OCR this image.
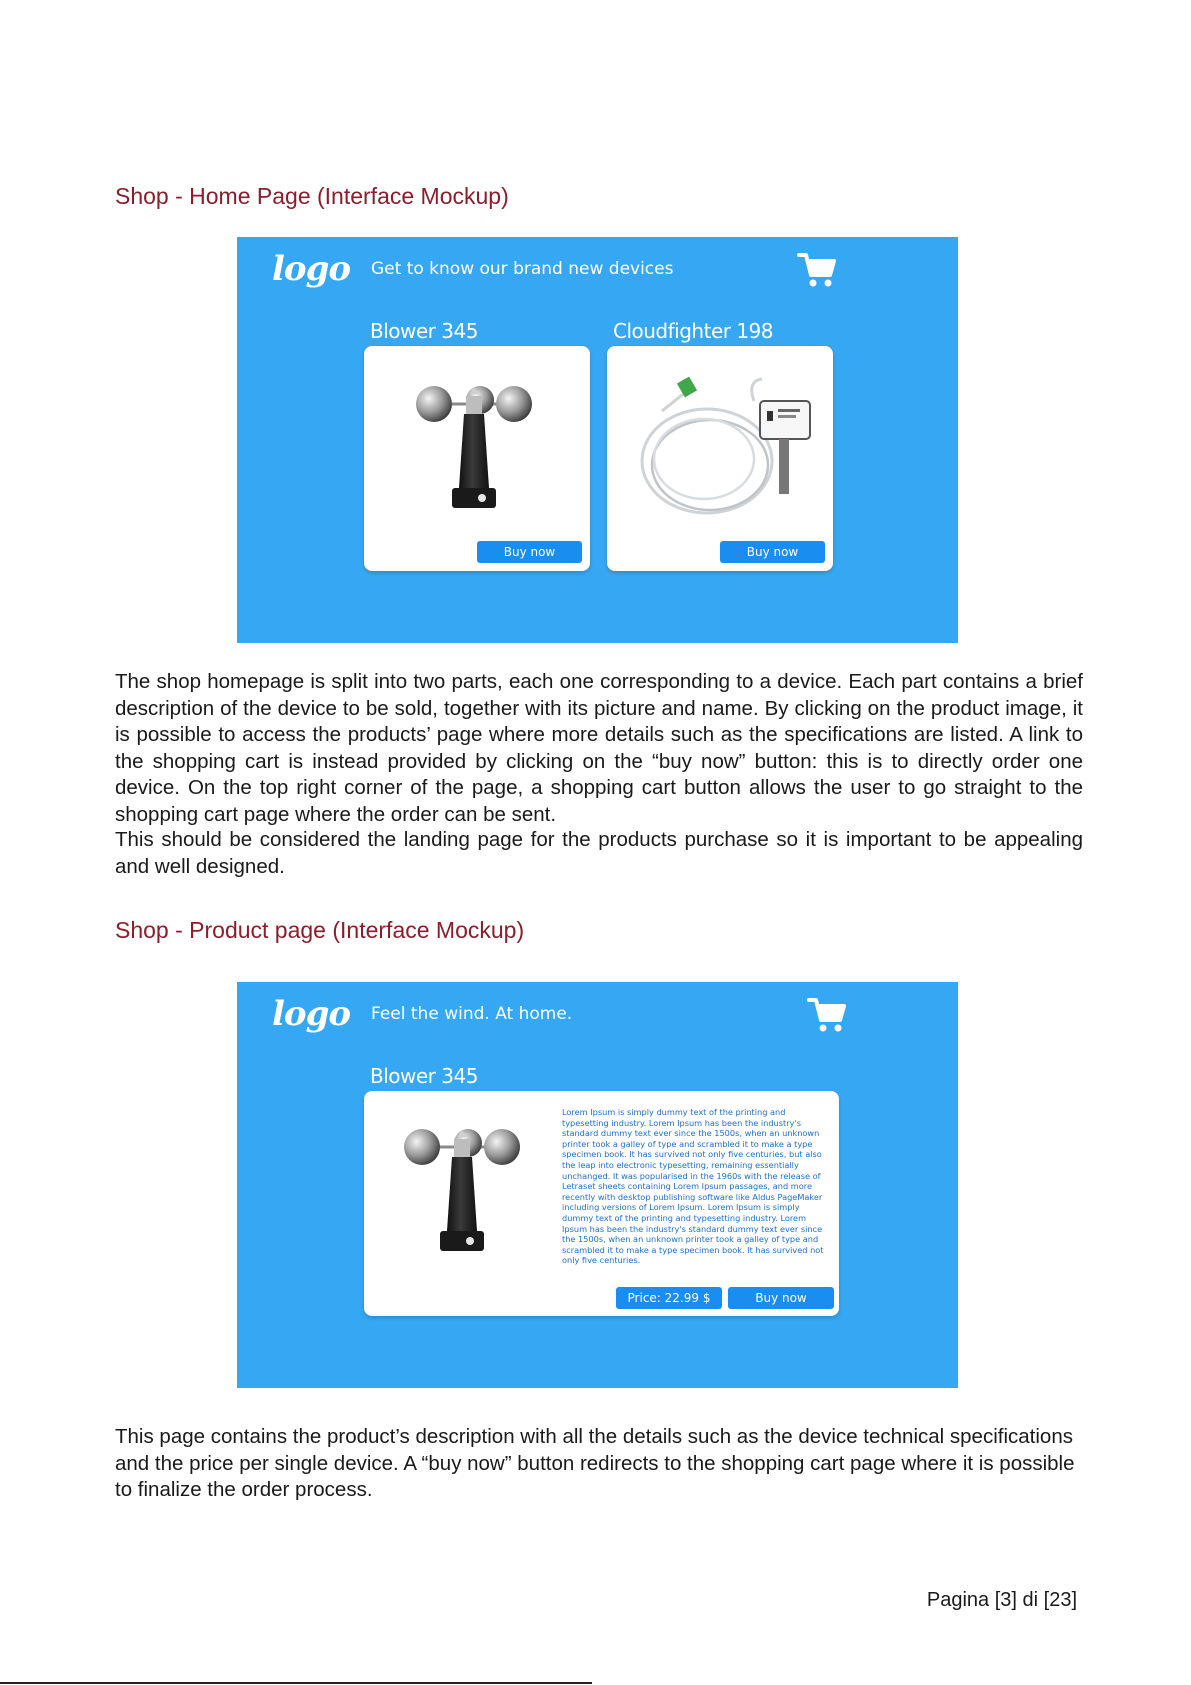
Shop - Home Page (Interface Mockup)
logo Get to know our brand new devices
Blower 345	Cloudfighter 198
Buy now	Buy now

The shop homepage is split into two parts, each one corresponding to a device. Each part contains a brief description of the device to be sold, together with its picture and name. By clicking on the product image, it is possible to access the products’ page where more details such as the specifications are listed. A link to the shopping cart is instead provided by clicking on the “buy now” button: this is to directly order one device. On the top right corner of the page, a shopping cart button allows the user to go straight to the shopping cart page where the order can be sent.

This should be considered the landing page for the products purchase so it is important to be appealing and well designed.

Shop - Product page (Interface Mockup)
logo Feel the wind. At home.
Blower 345

Lorem Ipsum is simply dummy text of the printing and typesetting industry. Lorem Ipsum has been the industry's standard dummy text ever since the 1500s, when an unknown printer took a galley of type and scrambled it to make a type specimen book. It has survived not only five centuries, but also the leap into electronic typesetting, remaining essentially unchanged. It was popularised in the 1960s with the release of Letraset sheets containing Lorem Ipsum passages, and more recently with desktop publishing software like Aldus PageMaker including versions of Lorem Ipsum. Lorem Ipsum is simply dummy text of the printing and typesetting industry. Lorem Ipsum has been the industry's standard dummy text ever since the 1500s, when an unknown printer took a galley of type and scrambled it to make a type specimen book. It has survived not only five centuries.

Price: 22.99 $	Buy now

This page contains the product’s description with all the details such as the device technical specifications and the price per single device. A “buy now” button redirects to the shopping cart page where it is possible to finalize the order process.

Pagina [3] di [23]
